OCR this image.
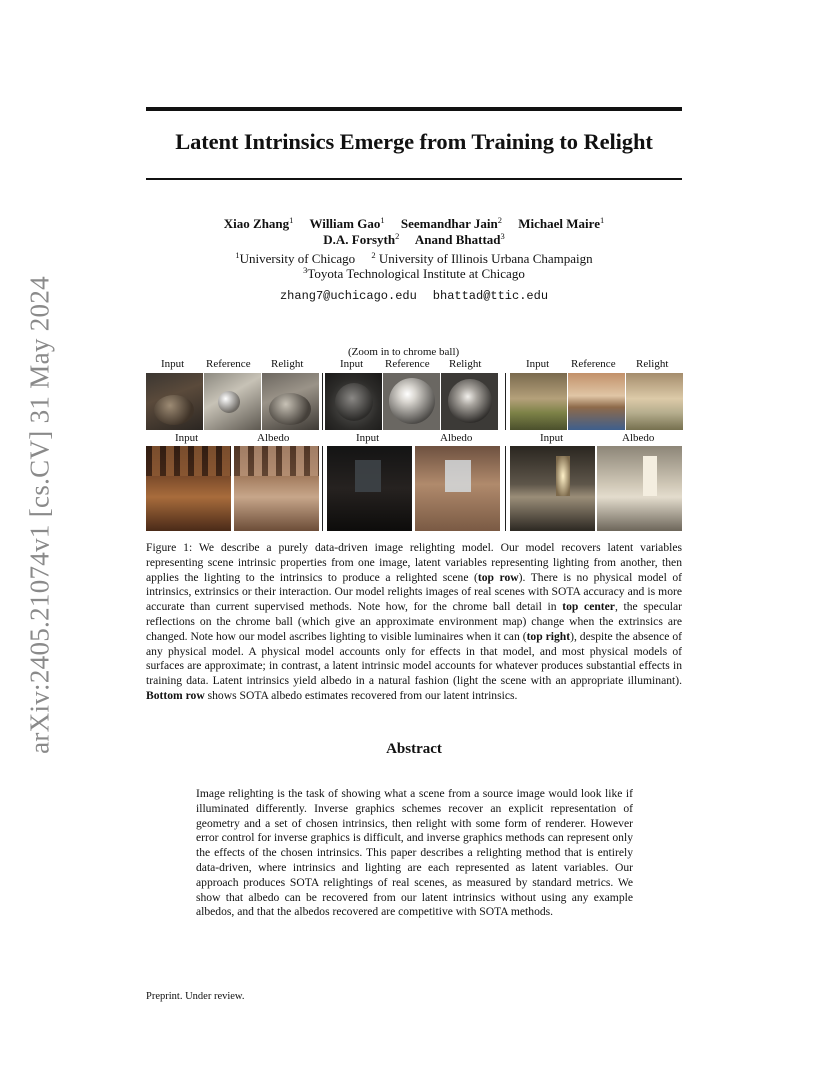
arXiv:2405.21074v1 [cs.CV] 31 May 2024
Latent Intrinsics Emerge from Training to Relight
Xiao Zhang$^1$ William Gao$^1$ Seemandhar Jain$^2$ Michael Maire$^1$
D.A. Forsyth$^2$ Anand Bhattad$^3$
$^1$University of Chicago $^2$ University of Illinois Urbana Champaign
$^3$Toyota Technological Institute at Chicago
zhang7@uchicago.edu bhattad@ttic.edu
(Zoom in to chrome ball)
Input Reference Relight	Input Reference Relight	Input Reference Relight
Input	Albedo	Input	Albedo	Input	Albedo
Figure 1: We describe a purely data-driven image relighting model. Our model recovers latent variables representing scene intrinsic properties from one image, latent variables representing lighting from another, then applies the lighting to the intrinsics to produce a relighted scene (top row). There is no physical model of intrinsics, extrinsics or their interaction. Our model relights images of real scenes with SOTA accuracy and is more accurate than current supervised methods. Note how, for the chrome ball detail in top center, the specular reflections on the chrome ball (which give an approximate environment map) change when the extrinsics are changed. Note how our model ascribes lighting to visible luminaires when it can (top right), despite the absence of any physical model. A physical model accounts only for effects in that model, and most physical models of surfaces are approximate; in contrast, a latent intrinsic model accounts for whatever produces substantial effects in training data. Latent intrinsics yield albedo in a natural fashion (light the scene with an appropriate illuminant). Bottom row shows SOTA albedo estimates recovered from our latent intrinsics.
Abstract
Image relighting is the task of showing what a scene from a source image would look like if illuminated differently. Inverse graphics schemes recover an explicit representation of geometry and a set of chosen intrinsics, then relight with some form of renderer. However error control for inverse graphics is difficult, and inverse graphics methods can represent only the effects of the chosen intrinsics. This paper describes a relighting method that is entirely data-driven, where intrinsics and lighting are each represented as latent variables. Our approach produces SOTA relightings of real scenes, as measured by standard metrics. We show that albedo can be recovered from our latent intrinsics without using any example albedos, and that the albedos recovered are competitive with SOTA methods.
Preprint. Under review.
